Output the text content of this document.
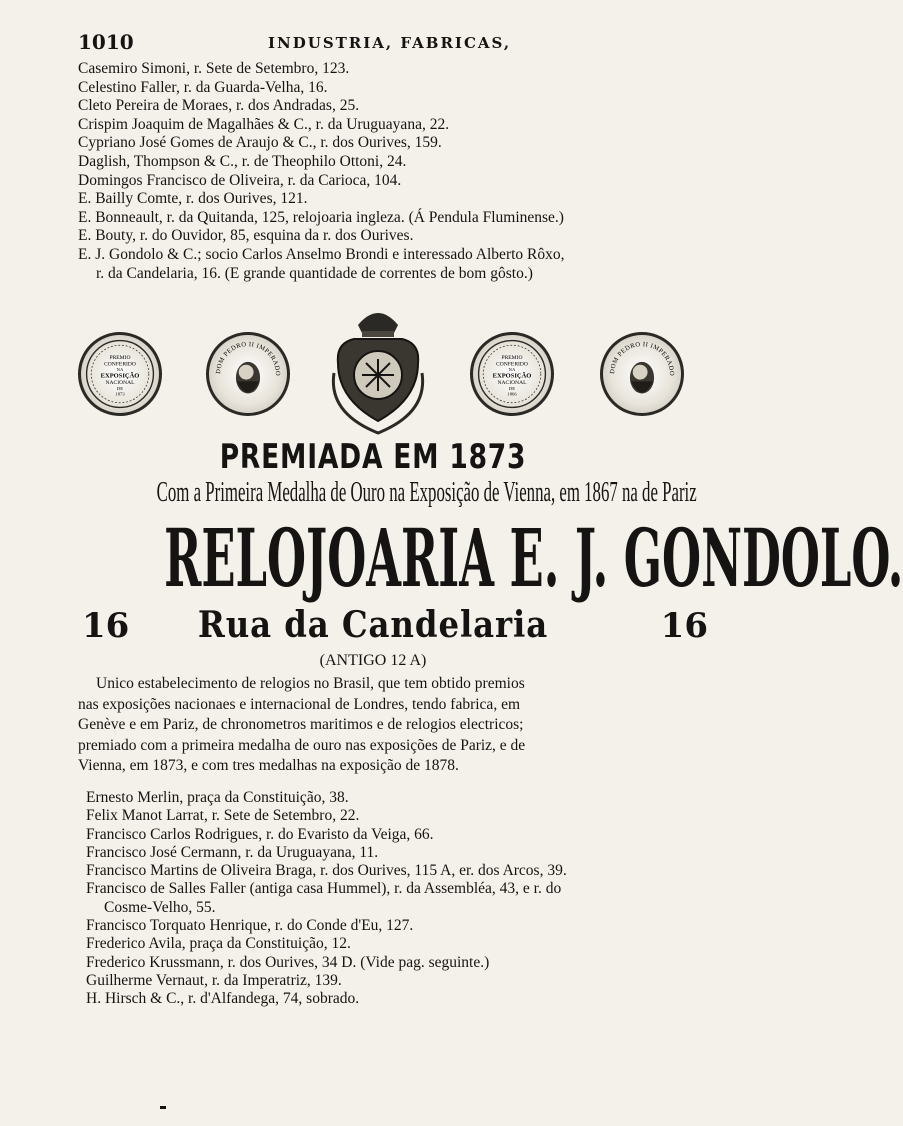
1010	INDUSTRIA, FABRICAS,
Casemiro Simoni, r. Sete de Setembro, 123.
Celestino Faller, r. da Guarda-Velha, 16.
Cleto Pereira de Moraes, r. dos Andradas, 25.
Crispim Joaquim de Magalhães & C., r. da Uruguayana, 22.
Cypriano José Gomes de Araujo & C., r. dos Ourives, 159.
Daglish, Thompson & C., r. de Theophilo Ottoni, 24.
Domingos Francisco de Oliveira, r. da Carioca, 104.
E. Bailly Comte, r. dos Ourives, 121.
E. Bonneault, r. da Quitanda, 125, relojoaria ingleza. (Á Pendula Fluminense.)
E. Bouty, r. do Ouvidor, 85, esquina da r. dos Ourives.
E. J. Gondolo & C.; socio Carlos Anselmo Brondi e interessado Alberto Rôxo,
r. da Candelaria, 16. (E grande quantidade de correntes de bom gôsto.)
PREMIO
CONFERIDO
NA
EXPOSIÇÃO
NACIONAL
DE
1873
DOM PEDRO II IMPERADO
PREMIO
CONFERIDO
NA
EXPOSIÇÃO
NACIONAL
DE
1866
DOM PEDRO II IMPERADO
PREMIADA EM 1873
Com a Primeira Medalha de Ouro na Exposição de Vienna, em 1867 na de Pariz
RELOJOARIA E. J. GONDOLO.
16	Rua da Candelaria	16
(ANTIGO 12 A)
Unico estabelecimento de relogios no Brasil, que tem obtido premios
nas exposições nacionaes e internacional de Londres, tendo fabrica, em
Genève e em Pariz, de chronometros maritimos e de relogios electricos;
premiado com a primeira medalha de ouro nas exposições de Pariz, e de
Vienna, em 1873, e com tres medalhas na exposição de 1878.
Ernesto Merlin, praça da Constituição, 38.
Felix Manot Larrat, r. Sete de Setembro, 22.
Francisco Carlos Rodrigues, r. do Evaristo da Veiga, 66.
Francisco José Cermann, r. da Uruguayana, 11.
Francisco Martins de Oliveira Braga, r. dos Ourives, 115 A, er. dos Arcos, 39.
Francisco de Salles Faller (antiga casa Hummel), r. da Assembléa, 43, e r. do
Cosme-Velho, 55.
Francisco Torquato Henrique, r. do Conde d'Eu, 127.
Frederico Avila, praça da Constituição, 12.
Frederico Krussmann, r. dos Ourives, 34 D. (Vide pag. seguinte.)
Guilherme Vernaut, r. da Imperatriz, 139.
H. Hirsch & C., r. d'Alfandega, 74, sobrado.
